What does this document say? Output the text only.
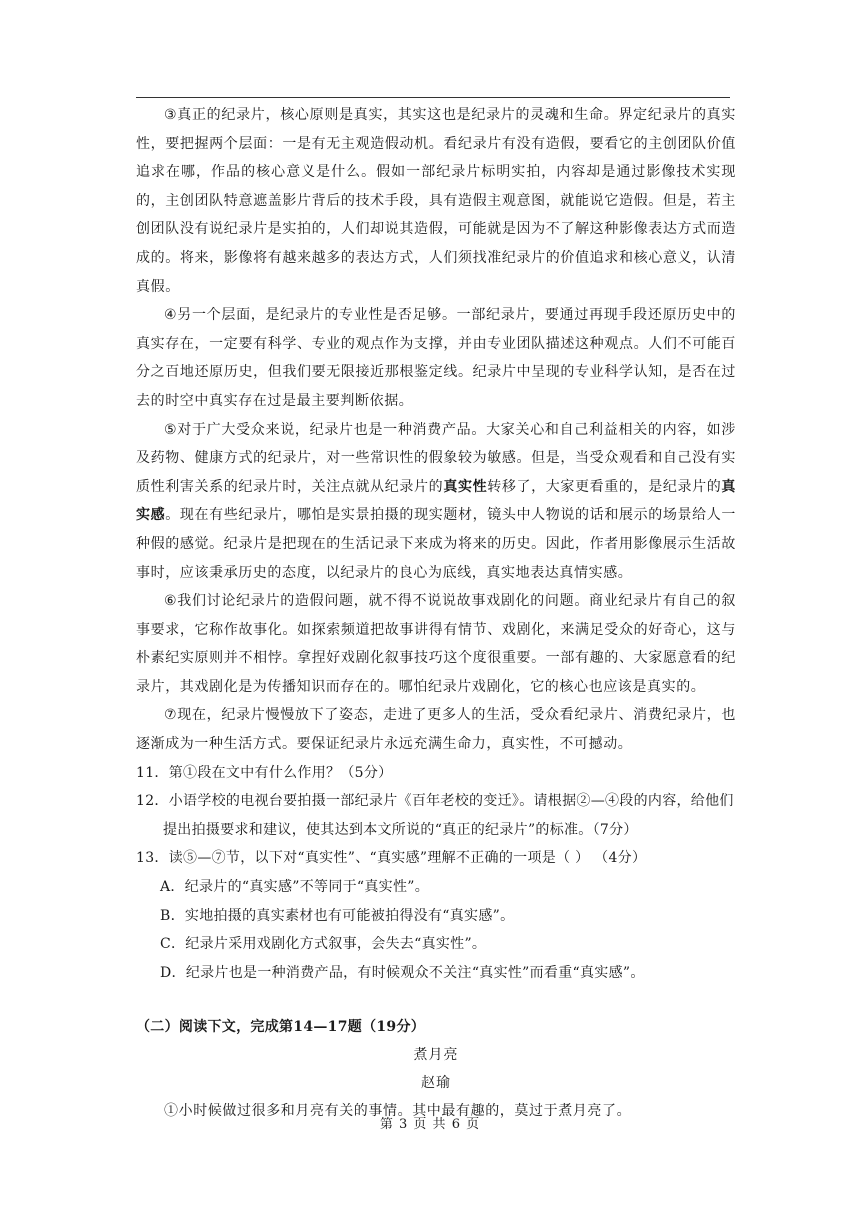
③真正的纪录片，核心原则是真实，其实这也是纪录片的灵魂和生命。界定纪录片的真实性，要把握两个层面：一是有无主观造假动机。看纪录片有没有造假，要看它的主创团队价值追求在哪，作品的核心意义是什么。假如一部纪录片标明实拍，内容却是通过影像技术实现的，主创团队特意遮盖影片背后的技术手段，具有造假主观意图，就能说它造假。但是，若主创团队没有说纪录片是实拍的，人们却说其造假，可能就是因为不了解这种影像表达方式而造成的。将来，影像将有越来越多的表达方式，人们须找准纪录片的价值追求和核心意义，认清真假。

④另一个层面，是纪录片的专业性是否足够。一部纪录片，要通过再现手段还原历史中的真实存在，一定要有科学、专业的观点作为支撑，并由专业团队描述这种观点。人们不可能百分之百地还原历史，但我们要无限接近那根鉴定线。纪录片中呈现的专业科学认知，是否在过去的时空中真实存在过是最主要判断依据。

⑤对于广大受众来说，纪录片也是一种消费产品。大家关心和自己利益相关的内容，如涉及药物、健康方式的纪录片，对一些常识性的假象较为敏感。但是，当受众观看和自己没有实质性利害关系的纪录片时，关注点就从纪录片的真实性转移了，大家更看重的，是纪录片的真实感。现在有些纪录片，哪怕是实景拍摄的现实题材，镜头中人物说的话和展示的场景给人一种假的感觉。纪录片是把现在的生活记录下来成为将来的历史。因此，作者用影像展示生活故事时，应该秉承历史的态度，以纪录片的良心为底线，真实地表达真情实感。

⑥我们讨论纪录片的造假问题，就不得不说说故事戏剧化的问题。商业纪录片有自己的叙事要求，它称作故事化。如探索频道把故事讲得有情节、戏剧化，来满足受众的好奇心，这与朴素纪实原则并不相悖。拿捏好戏剧化叙事技巧这个度很重要。一部有趣的、大家愿意看的纪录片，其戏剧化是为传播知识而存在的。哪怕纪录片戏剧化，它的核心也应该是真实的。

⑦现在，纪录片慢慢放下了姿态，走进了更多人的生活，受众看纪录片、消费纪录片，也逐渐成为一种生活方式。要保证纪录片永远充满生命力，真实性，不可撼动。

11．第①段在文中有什么作用？（5分）

12．小语学校的电视台要拍摄一部纪录片《百年老校的变迁》。请根据②—④段的内容，给他们提出拍摄要求和建议，使其达到本文所说的“真正的纪录片”的标准。（7分）

13．读⑤—⑦节，以下对“真实性”、“真实感”理解不正确的一项是（ ） （4分）

A．纪录片的“真实感”不等同于“真实性”。

B．实地拍摄的真实素材也有可能被拍得没有“真实感”。

C．纪录片采用戏剧化方式叙事，会失去“真实性”。

D．纪录片也是一种消费产品，有时候观众不关注“真实性”而看重“真实感”。

（二）阅读下文，完成第14—17题（19分）

煮月亮

赵瑜

①小时候做过很多和月亮有关的事情。其中最有趣的，莫过于煮月亮了。

第 3 页 共 6 页
